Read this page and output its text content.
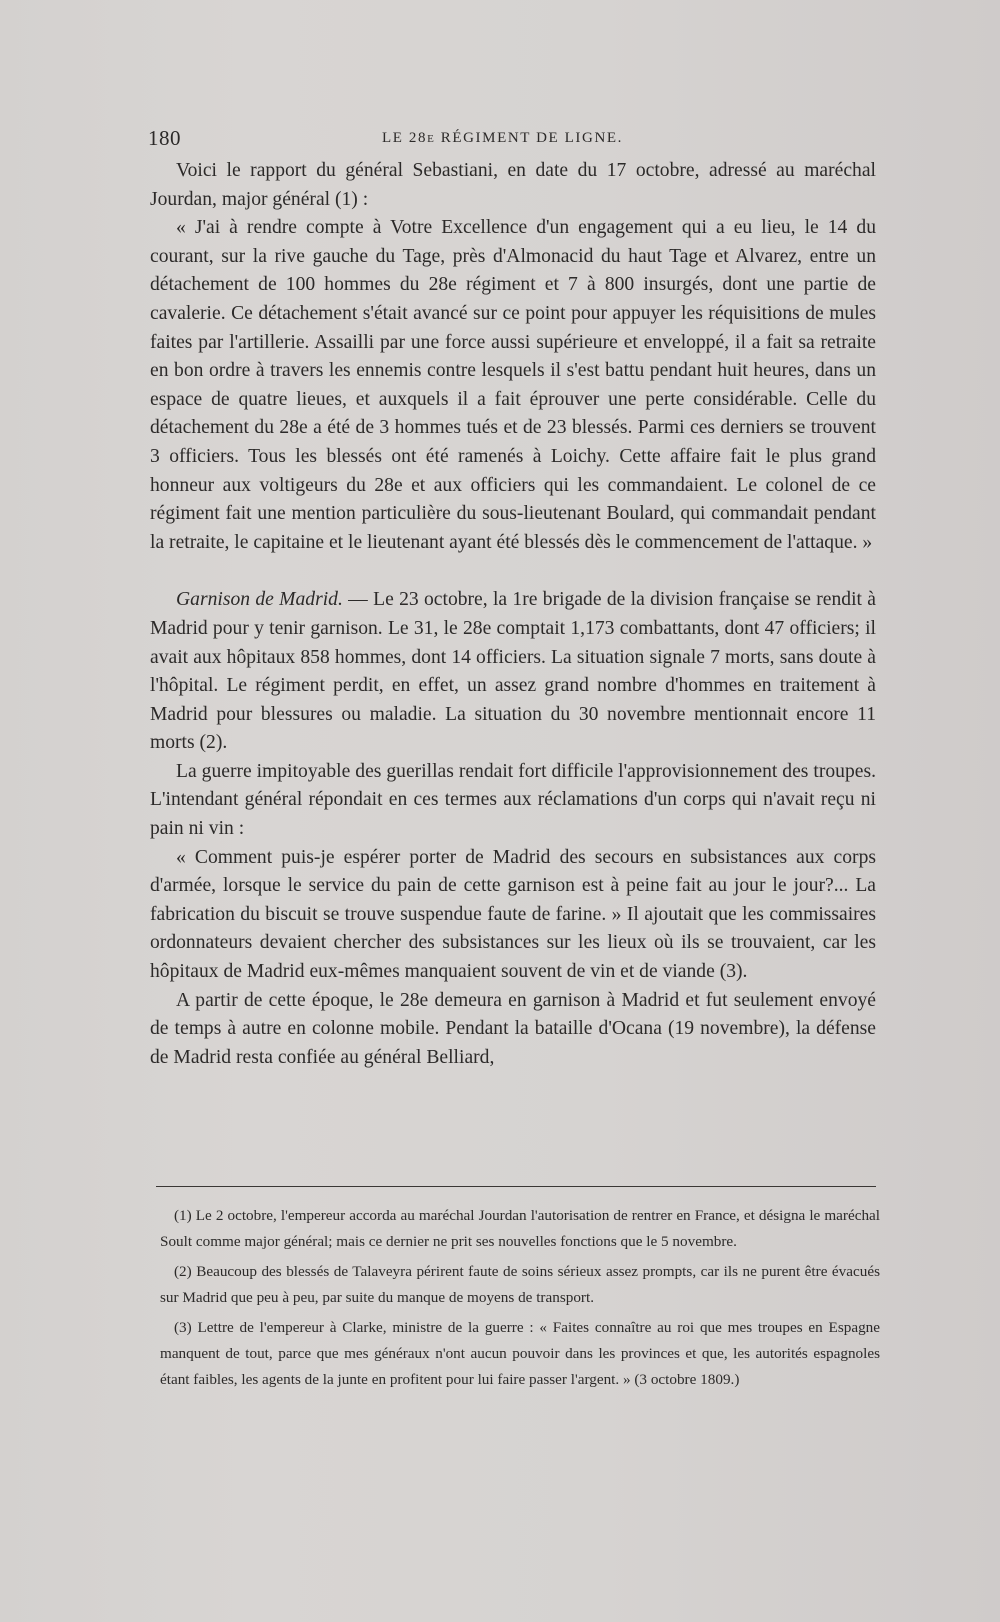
180	LE 28e RÉGIMENT DE LIGNE.

Voici le rapport du général Sebastiani, en date du 17 octobre, adressé au maréchal Jourdan, major général (1) :

« J'ai à rendre compte à Votre Excellence d'un engagement qui a eu lieu, le 14 du courant, sur la rive gauche du Tage, près d'Almonacid du haut Tage et Alvarez, entre un détachement de 100 hommes du 28e régiment et 7 à 800 insurgés, dont une partie de cavalerie. Ce détachement s'était avancé sur ce point pour appuyer les réquisitions de mules faites par l'artillerie. Assailli par une force aussi supérieure et enveloppé, il a fait sa retraite en bon ordre à travers les ennemis contre lesquels il s'est battu pendant huit heures, dans un espace de quatre lieues, et auxquels il a fait éprouver une perte considérable. Celle du détachement du 28e a été de 3 hommes tués et de 23 blessés. Parmi ces derniers se trouvent 3 officiers. Tous les blessés ont été ramenés à Loichy. Cette affaire fait le plus grand honneur aux voltigeurs du 28e et aux officiers qui les commandaient. Le colonel de ce régiment fait une mention particulière du sous-lieutenant Boulard, qui commandait pendant la retraite, le capitaine et le lieutenant ayant été blessés dès le commencement de l'attaque. »

Garnison de Madrid. — Le 23 octobre, la 1re brigade de la division française se rendit à Madrid pour y tenir garnison. Le 31, le 28e comptait 1,173 combattants, dont 47 officiers; il avait aux hôpitaux 858 hommes, dont 14 officiers. La situation signale 7 morts, sans doute à l'hôpital. Le régiment perdit, en effet, un assez grand nombre d'hommes en traitement à Madrid pour blessures ou maladie. La situation du 30 novembre mentionnait encore 11 morts (2).

La guerre impitoyable des guerillas rendait fort difficile l'approvisionnement des troupes. L'intendant général répondait en ces termes aux réclamations d'un corps qui n'avait reçu ni pain ni vin :

« Comment puis-je espérer porter de Madrid des secours en subsistances aux corps d'armée, lorsque le service du pain de cette garnison est à peine fait au jour le jour?... La fabrication du biscuit se trouve suspendue faute de farine. » Il ajoutait que les commissaires ordonnateurs devaient chercher des subsistances sur les lieux où ils se trouvaient, car les hôpitaux de Madrid eux-mêmes manquaient souvent de vin et de viande (3).

A partir de cette époque, le 28e demeura en garnison à Madrid et fut seulement envoyé de temps à autre en colonne mobile. Pendant la bataille d'Ocana (19 novembre), la défense de Madrid resta confiée au général Belliard,

(1) Le 2 octobre, l'empereur accorda au maréchal Jourdan l'autorisation de rentrer en France, et désigna le maréchal Soult comme major général; mais ce dernier ne prit ses nouvelles fonctions que le 5 novembre.

(2) Beaucoup des blessés de Talaveyra périrent faute de soins sérieux assez prompts, car ils ne purent être évacués sur Madrid que peu à peu, par suite du manque de moyens de transport.

(3) Lettre de l'empereur à Clarke, ministre de la guerre : « Faites connaître au roi que mes troupes en Espagne manquent de tout, parce que mes généraux n'ont aucun pouvoir dans les provinces et que, les autorités espagnoles étant faibles, les agents de la junte en profitent pour lui faire passer l'argent. » (3 octobre 1809.)
